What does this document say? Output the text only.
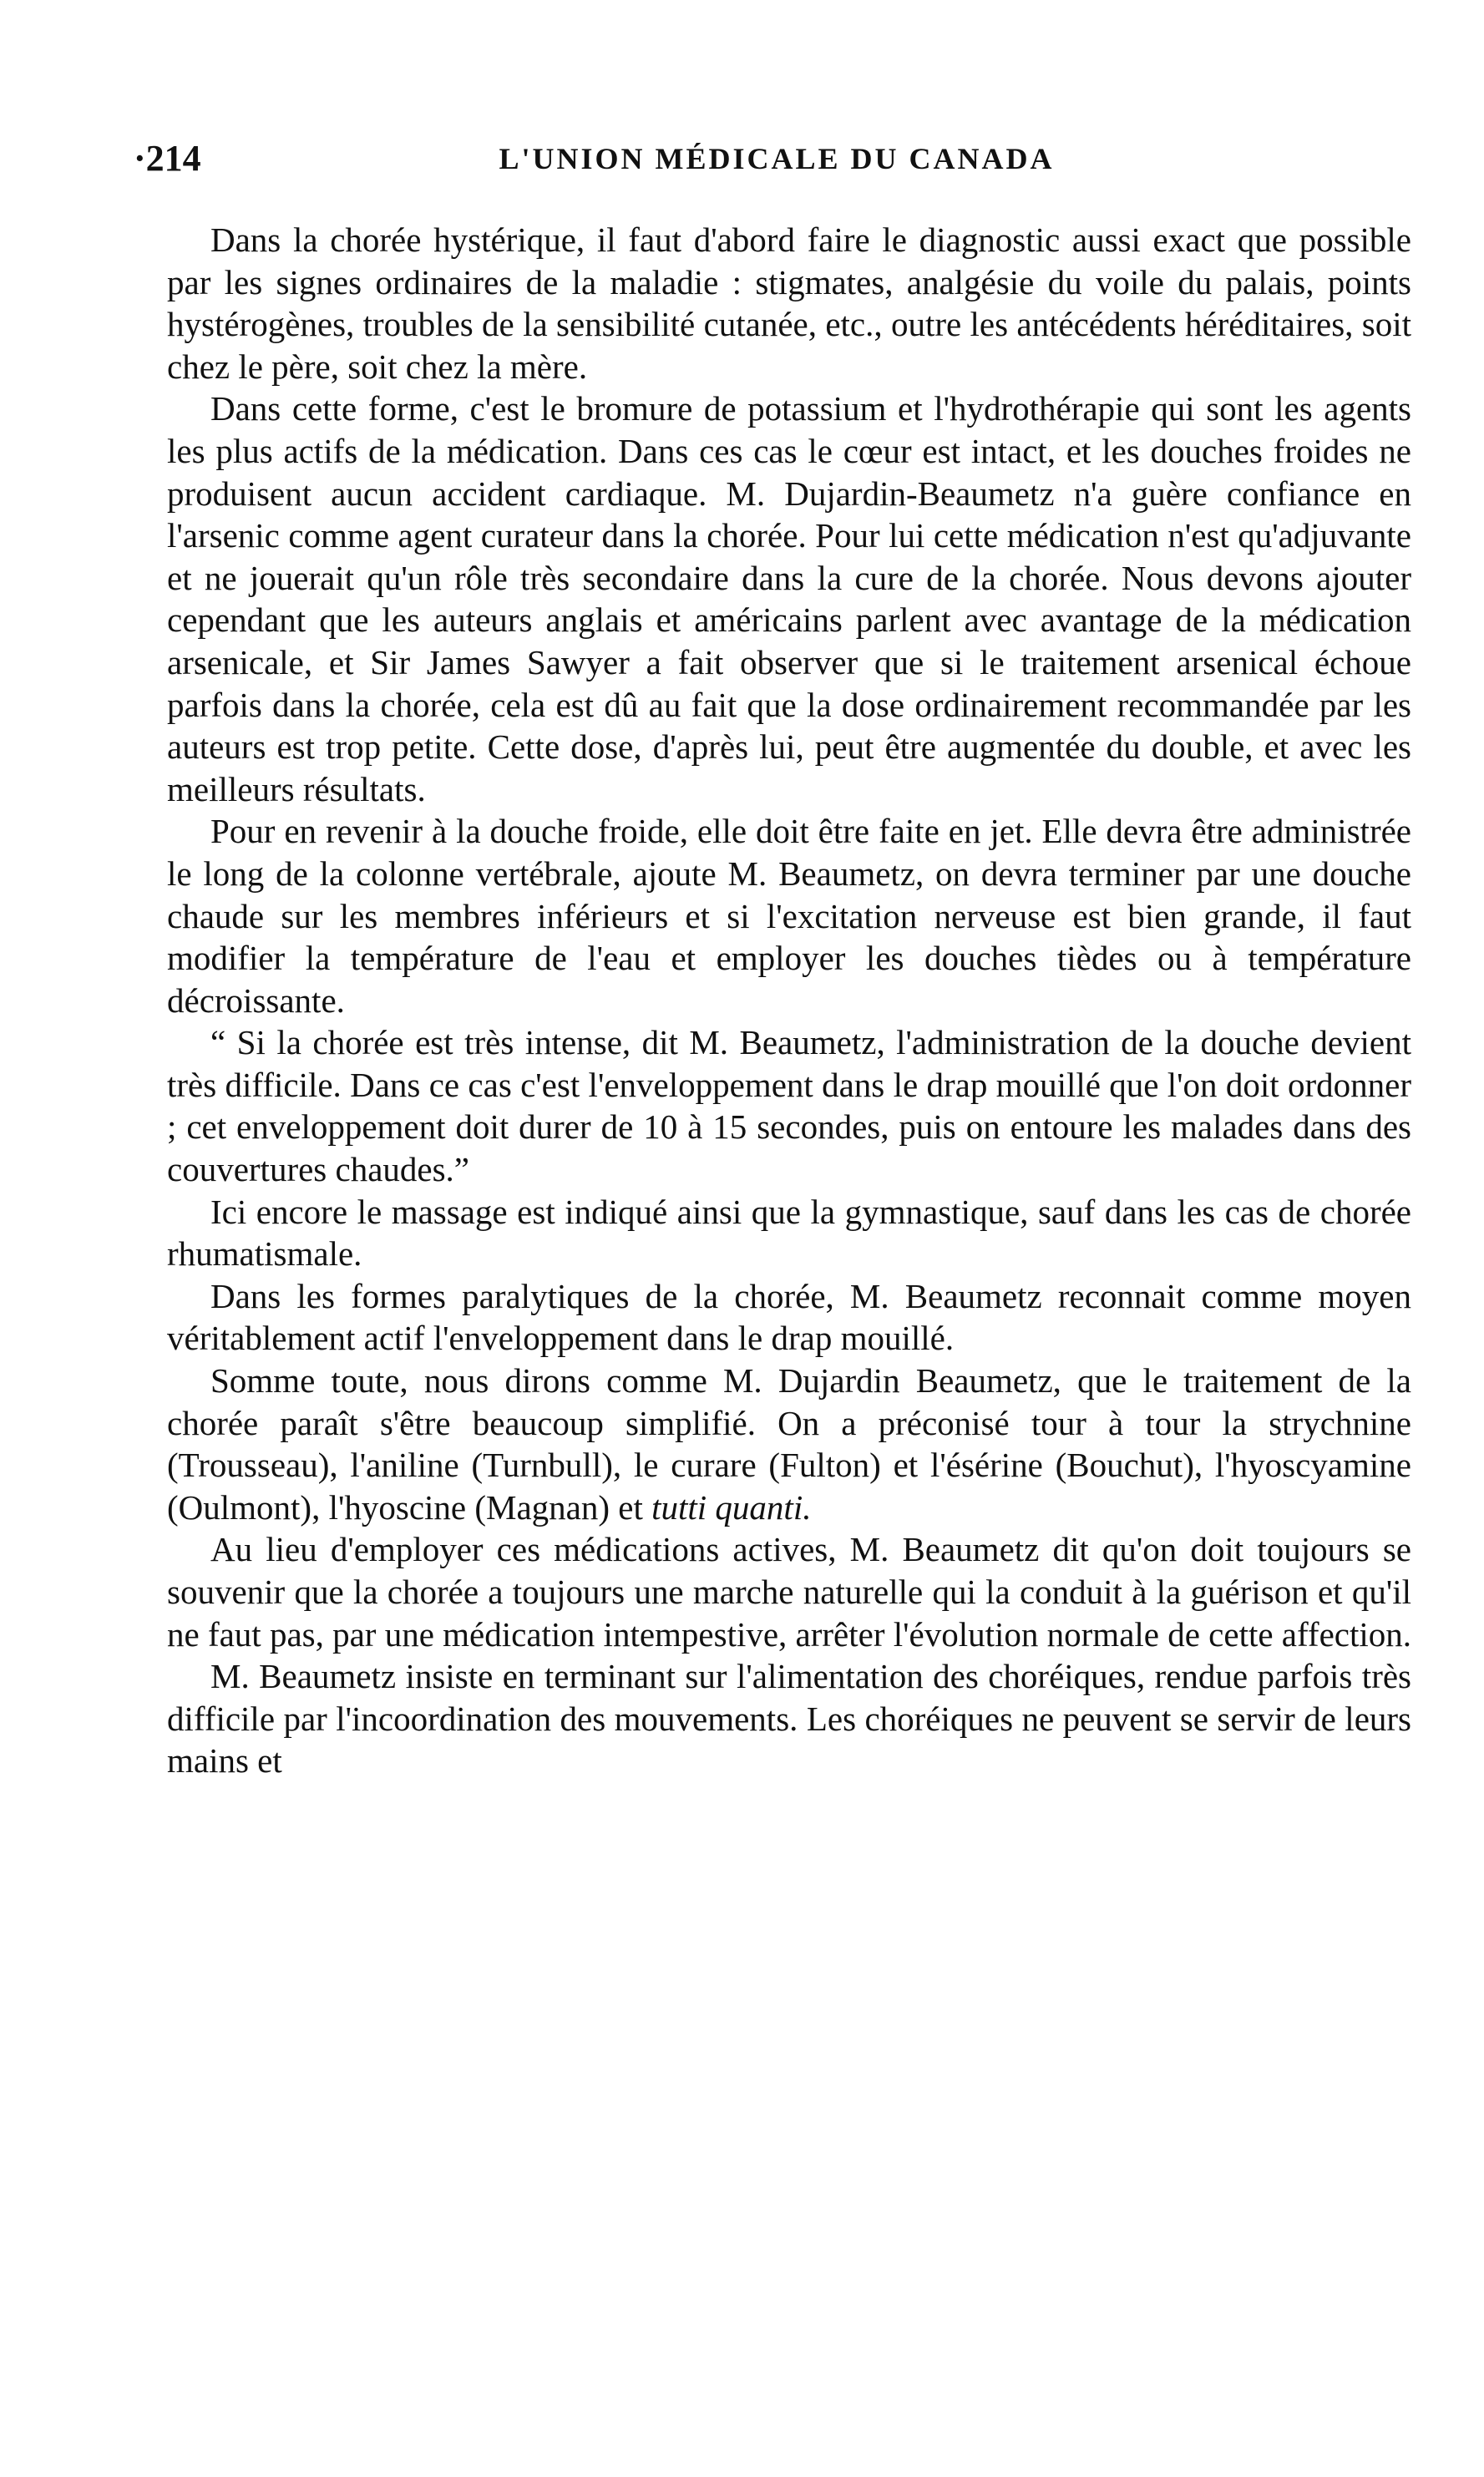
·214	L'UNION MÉDICALE DU CANADA

Dans la chorée hystérique, il faut d'abord faire le diagnostic aussi exact que possible par les signes ordinaires de la maladie : stigmates, analgésie du voile du palais, points hystérogènes, troubles de la sensibilité cutanée, etc., outre les antécédents héréditaires, soit chez le père, soit chez la mère.

Dans cette forme, c'est le bromure de potassium et l'hydrothérapie qui sont les agents les plus actifs de la médication. Dans ces cas le cœur est intact, et les douches froides ne produisent aucun accident cardiaque. M. Dujardin-Beaumetz n'a guère confiance en l'arsenic comme agent curateur dans la chorée. Pour lui cette médication n'est qu'adjuvante et ne jouerait qu'un rôle très secondaire dans la cure de la chorée. Nous devons ajouter cependant que les auteurs anglais et américains parlent avec avantage de la médication arsenicale, et Sir James Sawyer a fait observer que si le traitement arsenical échoue parfois dans la chorée, cela est dû au fait que la dose ordinairement recommandée par les auteurs est trop petite. Cette dose, d'après lui, peut être augmentée du double, et avec les meilleurs résultats.

Pour en revenir à la douche froide, elle doit être faite en jet. Elle devra être administrée le long de la colonne vertébrale, ajoute M. Beaumetz, on devra terminer par une douche chaude sur les membres inférieurs et si l'excitation nerveuse est bien grande, il faut modifier la température de l'eau et employer les douches tièdes ou à température décroissante.

“ Si la chorée est très intense, dit M. Beaumetz, l'administration de la douche devient très difficile. Dans ce cas c'est l'enveloppement dans le drap mouillé que l'on doit ordonner ; cet enveloppement doit durer de 10 à 15 secondes, puis on entoure les malades dans des couvertures chaudes.”

Ici encore le massage est indiqué ainsi que la gymnastique, sauf dans les cas de chorée rhumatismale.

Dans les formes paralytiques de la chorée, M. Beaumetz reconnait comme moyen véritablement actif l'enveloppement dans le drap mouillé.

Somme toute, nous dirons comme M. Dujardin Beaumetz, que le traitement de la chorée paraît s'être beaucoup simplifié. On a préconisé tour à tour la strychnine (Trousseau), l'aniline (Turnbull), le curare (Fulton) et l'ésérine (Bouchut), l'hyoscyamine (Oulmont), l'hyoscine (Magnan) et tutti quanti.

Au lieu d'employer ces médications actives, M. Beaumetz dit qu'on doit toujours se souvenir que la chorée a toujours une marche naturelle qui la conduit à la guérison et qu'il ne faut pas, par une médication intempestive, arrêter l'évolution normale de cette affection.

M. Beaumetz insiste en terminant sur l'alimentation des choréiques, rendue parfois très difficile par l'incoordination des mouvements. Les choréiques ne peuvent se servir de leurs mains et
